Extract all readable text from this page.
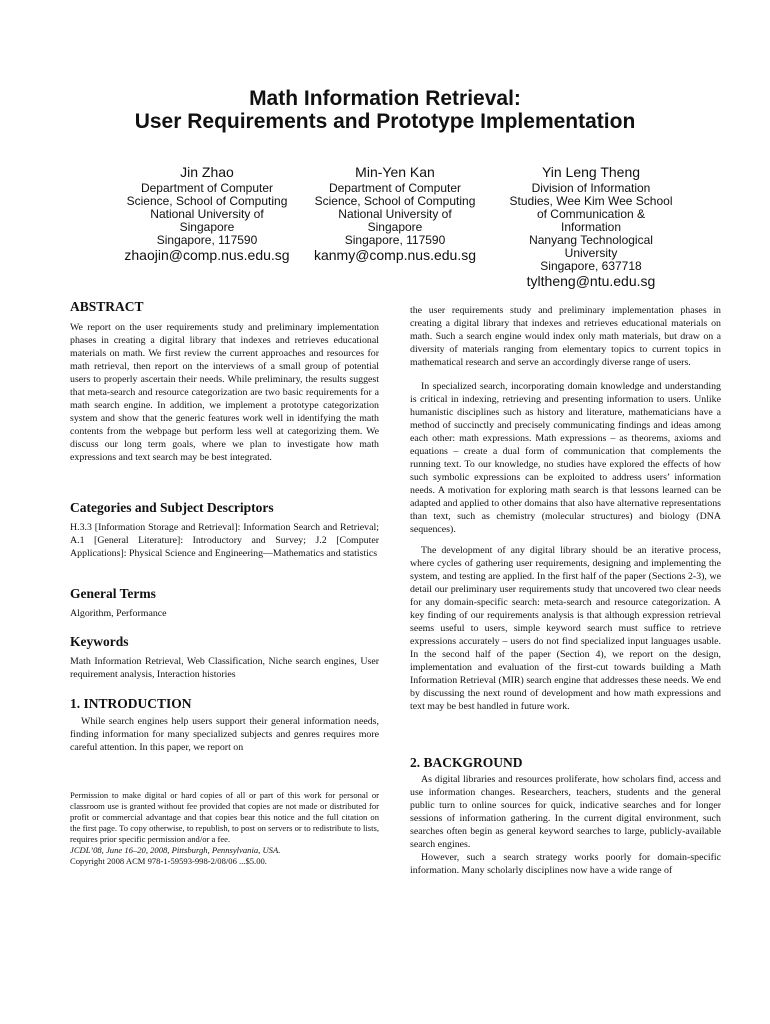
Math Information Retrieval:
User Requirements and Prototype Implementation
Jin Zhao
Department of Computer
Science, School of Computing
National University of
Singapore
Singapore, 117590
zhaojin@comp.nus.edu.sg
Min-Yen Kan
Department of Computer
Science, School of Computing
National University of
Singapore
Singapore, 117590
kanmy@comp.nus.edu.sg
Yin Leng Theng
Division of Information
Studies, Wee Kim Wee School
of Communication &
Information
Nanyang Technological
University
Singapore, 637718
tyltheng@ntu.edu.sg
ABSTRACT

We report on the user requirements study and preliminary implementation phases in creating a digital library that indexes and retrieves educational materials on math. We first review the current approaches and resources for math retrieval, then report on the interviews of a small group of potential users to properly ascertain their needs. While preliminary, the results suggest that meta-search and resource categorization are two basic requirements for a math search engine. In addition, we implement a prototype categorization system and show that the generic features work well in identifying the math contents from the webpage but perform less well at categorizing them. We discuss our long term goals, where we plan to investigate how math expressions and text search may be best integrated.

Categories and Subject Descriptors

H.3.3 [Information Storage and Retrieval]: Information Search and Retrieval; A.1 [General Literature]: Introductory and Survey; J.2 [Computer Applications]: Physical Science and Engineering—Mathematics and statistics

General Terms

Algorithm, Performance

Keywords

Math Information Retrieval, Web Classification, Niche search engines, User requirement analysis, Interaction histories

1. INTRODUCTION

While search engines help users support their general information needs, finding information for many specialized subjects and genres requires more careful attention. In this paper, we report on

Permission to make digital or hard copies of all or part of this work for personal or classroom use is granted without fee provided that copies are not made or distributed for profit or commercial advantage and that copies bear this notice and the full citation on the first page. To copy otherwise, to republish, to post on servers or to redistribute to lists, requires prior specific permission and/or a fee.

JCDL’08, June 16–20, 2008, Pittsburgh, Pennsylvania, USA.

Copyright 2008 ACM 978-1-59593-998-2/08/06 ...$5.00.

the user requirements study and preliminary implementation phases in creating a digital library that indexes and retrieves educational materials on math. Such a search engine would index only math materials, but draw on a diversity of materials ranging from elementary topics to current topics in mathematical research and serve an accordingly diverse range of users.

In specialized search, incorporating domain knowledge and understanding is critical in indexing, retrieving and presenting information to users. Unlike humanistic disciplines such as history and literature, mathematicians have a method of succinctly and precisely communicating findings and ideas among each other: math expressions. Math expressions – as theorems, axioms and equations – create a dual form of communication that complements the running text. To our knowledge, no studies have explored the effects of how such symbolic expressions can be exploited to address users’ information needs. A motivation for exploring math search is that lessons learned can be adapted and applied to other domains that also have alternative representations than text, such as chemistry (molecular structures) and biology (DNA sequences).

The development of any digital library should be an iterative process, where cycles of gathering user requirements, designing and implementing the system, and testing are applied. In the first half of the paper (Sections 2-3), we detail our preliminary user requirements study that uncovered two clear needs for any domain-specific search: meta-search and resource categorization. A key finding of our requirements analysis is that although expression retrieval seems useful to users, simple keyword search must suffice to retrieve expressions accurately – users do not find specialized input languages usable. In the second half of the paper (Section 4), we report on the design, implementation and evaluation of the first-cut towards building a Math Information Retrieval (MIR) search engine that addresses these needs. We end by discussing the next round of development and how math expressions and text may be best handled in future work.

2. BACKGROUND

As digital libraries and resources proliferate, how scholars find, access and use information changes. Researchers, teachers, students and the general public turn to online sources for quick, indicative searches and for longer sessions of information gathering. In the current digital environment, such searches often begin as general keyword searches to large, publicly-available search engines.

However, such a search strategy works poorly for domain-specific information. Many scholarly disciplines now have a wide range of
